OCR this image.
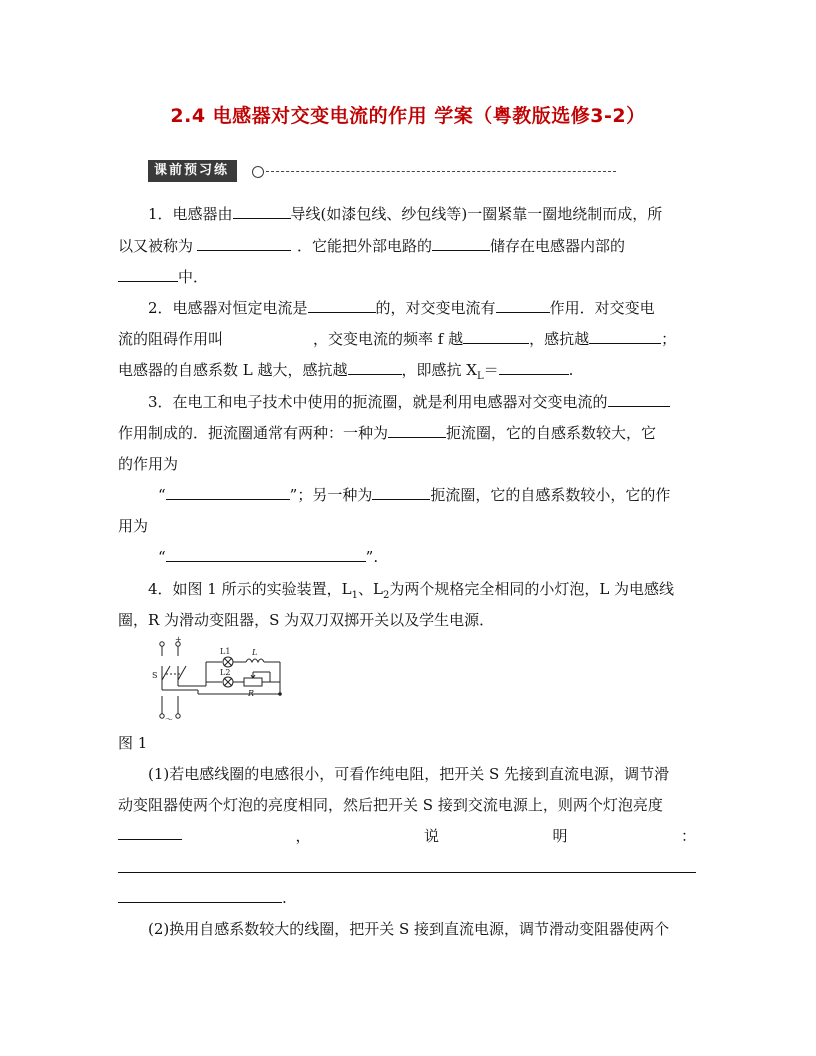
2.4 电感器对交变电流的作用 学案（粤教版选修3-2）
课前预习练
1．电感器由	导线(如漆包线、纱包线等)一圈紧靠一圈地绕制而成，所
以又被称为	．它能把外部电路的	储存在电感器内部的
中．
2．电感器对恒定电流是	的，对交变电流有	作用．对交变电
流的阻碍作用叫	，交变电流的频率 f 越	，感抗越	；
电感器的自感系数 L 越大，感抗越	，即感抗 $X_L=$	.
3．在电工和电子技术中使用的扼流圈，就是利用电感器对交变电流的
作用制成的．扼流圈通常有两种：一种为	扼流圈，它的自感系数较大，它
的作用为
“	”；另一种为	扼流圈，它的自感系数较小，它的作
用为
“	”.
4．如图 1 所示的实验装置，$L_1$、$L_2$为两个规格完全相同的小灯泡，L 为电感线
圈，R 为滑动变阻器，S 为双刀双掷开关以及学生电源．
S
L1
L2
L
R
+
～
图 1
(1)若电感线圈的电感很小，可看作纯电阻，把开关 S 先接到直流电源，调节滑
动变阻器使两个灯泡的亮度相同，然后把开关 S 接到交流电源上，则两个灯泡亮度
，	说	明	：
.
(2)换用自感系数较大的线圈，把开关 S 接到直流电源，调节滑动变阻器使两个
